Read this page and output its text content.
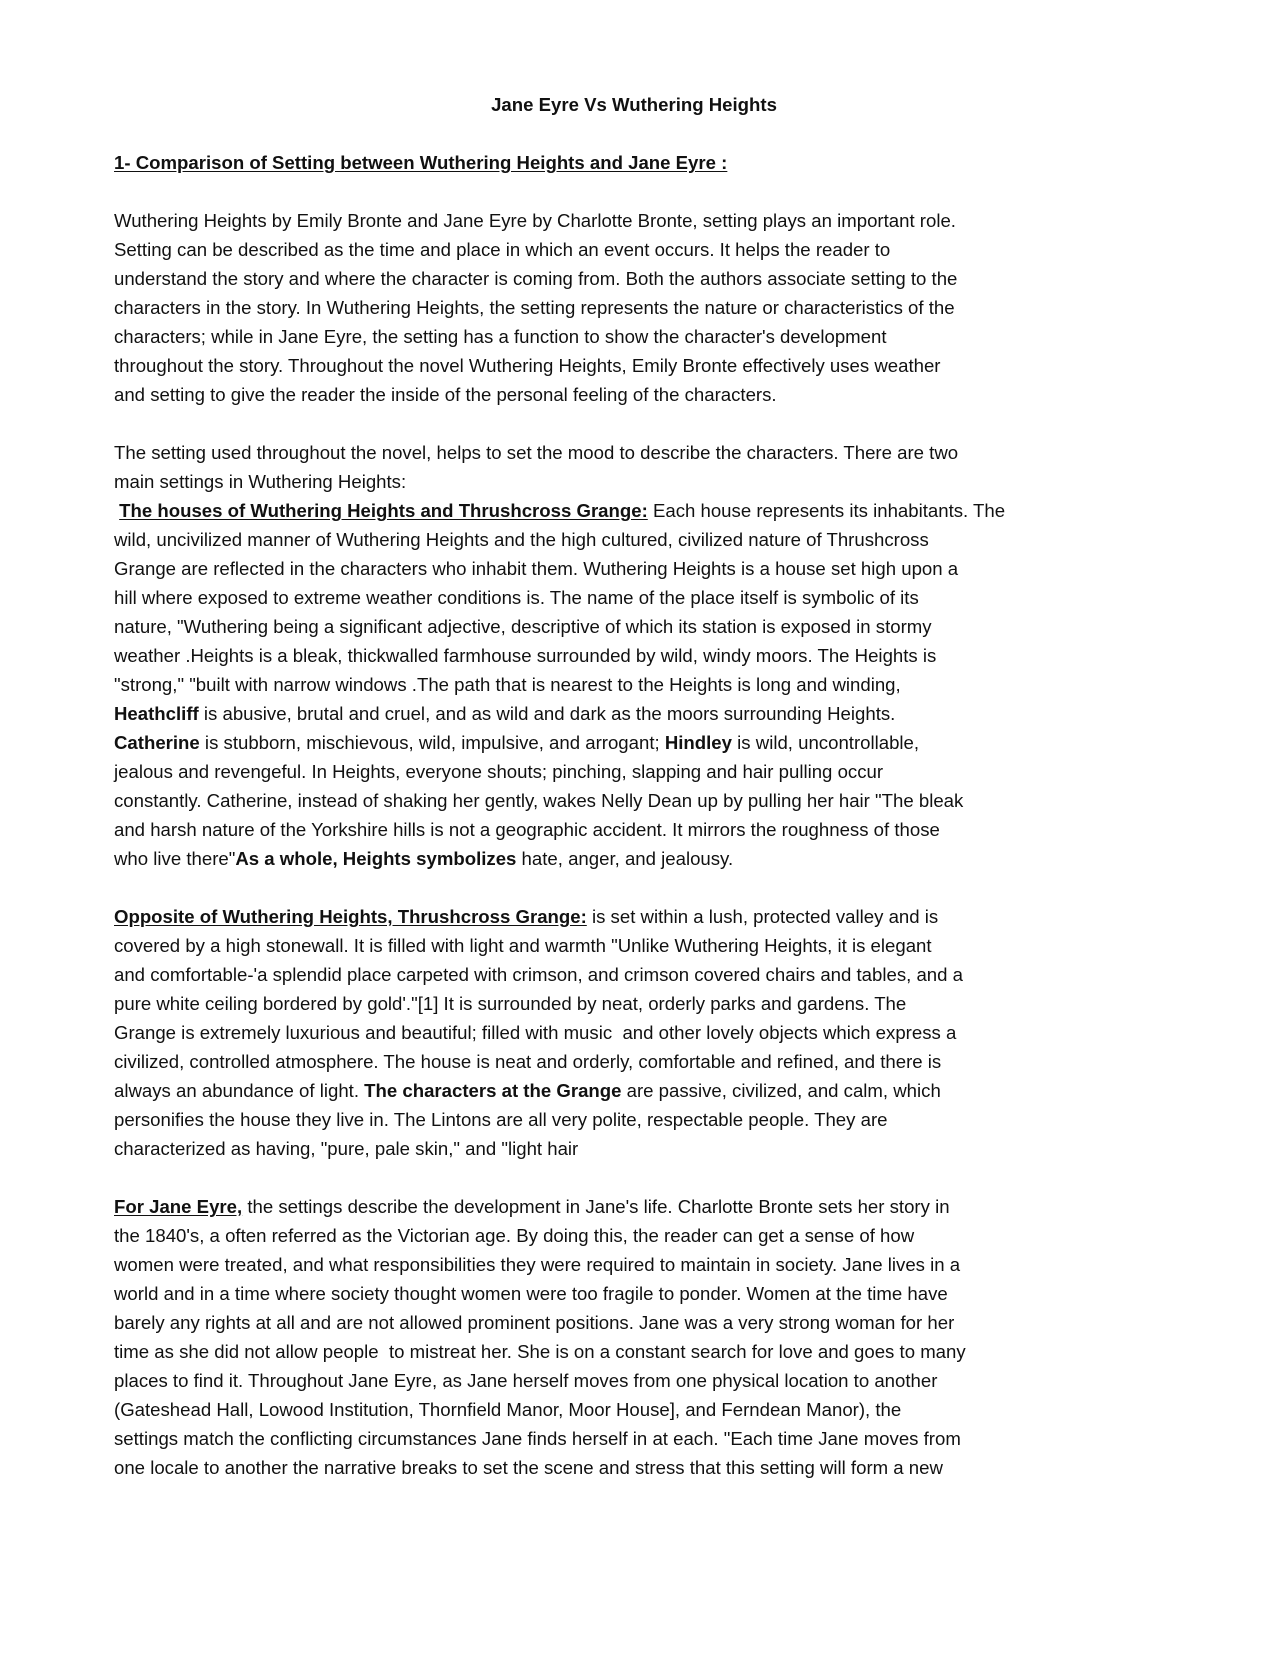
Jane Eyre Vs Wuthering Heights
1- Comparison of Setting between Wuthering Heights and Jane Eyre :
Wuthering Heights by Emily Bronte and Jane Eyre by Charlotte Bronte, setting plays an important role.
Setting can be described as the time and place in which an event occurs. It helps the reader to
understand the story and where the character is coming from. Both the authors associate setting to the
characters in the story. In Wuthering Heights, the setting represents the nature or characteristics of the
characters; while in Jane Eyre, the setting has a function to show the character's development
throughout the story. Throughout the novel Wuthering Heights, Emily Bronte effectively uses weather
and setting to give the reader the inside of the personal feeling of the characters.
The setting used throughout the novel, helps to set the mood to describe the characters. There are two
main settings in Wuthering Heights:
The houses of Wuthering Heights and Thrushcross Grange: Each house represents its inhabitants. The
wild, uncivilized manner of Wuthering Heights and the high cultured, civilized nature of Thrushcross
Grange are reflected in the characters who inhabit them. Wuthering Heights is a house set high upon a
hill where exposed to extreme weather conditions is. The name of the place itself is symbolic of its
nature, "Wuthering being a significant adjective, descriptive of which its station is exposed in stormy
weather .Heights is a bleak, thickwalled farmhouse surrounded by wild, windy moors. The Heights is
"strong," "built with narrow windows .The path that is nearest to the Heights is long and winding,
Heathcliff is abusive, brutal and cruel, and as wild and dark as the moors surrounding Heights.
Catherine is stubborn, mischievous, wild, impulsive, and arrogant; Hindley is wild, uncontrollable,
jealous and revengeful. In Heights, everyone shouts; pinching, slapping and hair pulling occur
constantly. Catherine, instead of shaking her gently, wakes Nelly Dean up by pulling her hair "The bleak
and harsh nature of the Yorkshire hills is not a geographic accident. It mirrors the roughness of those
who live there"As a whole, Heights symbolizes hate, anger, and jealousy.
Opposite of Wuthering Heights, Thrushcross Grange: is set within a lush, protected valley and is
covered by a high stonewall. It is filled with light and warmth "Unlike Wuthering Heights, it is elegant
and comfortable-'a splendid place carpeted with crimson, and crimson covered chairs and tables, and a
pure white ceiling bordered by gold'."[1] It is surrounded by neat, orderly parks and gardens. The
Grange is extremely luxurious and beautiful; filled with music  and other lovely objects which express a
civilized, controlled atmosphere. The house is neat and orderly, comfortable and refined, and there is
always an abundance of light. The characters at the Grange are passive, civilized, and calm, which
personifies the house they live in. The Lintons are all very polite, respectable people. They are
characterized as having, "pure, pale skin," and "light hair
For Jane Eyre, the settings describe the development in Jane's life. Charlotte Bronte sets her story in
the 1840's, a often referred as the Victorian age. By doing this, the reader can get a sense of how
women were treated, and what responsibilities they were required to maintain in society. Jane lives in a
world and in a time where society thought women were too fragile to ponder. Women at the time have
barely any rights at all and are not allowed prominent positions. Jane was a very strong woman for her
time as she did not allow people  to mistreat her. She is on a constant search for love and goes to many
places to find it. Throughout Jane Eyre, as Jane herself moves from one physical location to another
(Gateshead Hall, Lowood Institution, Thornfield Manor, Moor House], and Ferndean Manor), the
settings match the conflicting circumstances Jane finds herself in at each. "Each time Jane moves from
one locale to another the narrative breaks to set the scene and stress that this setting will form a new
